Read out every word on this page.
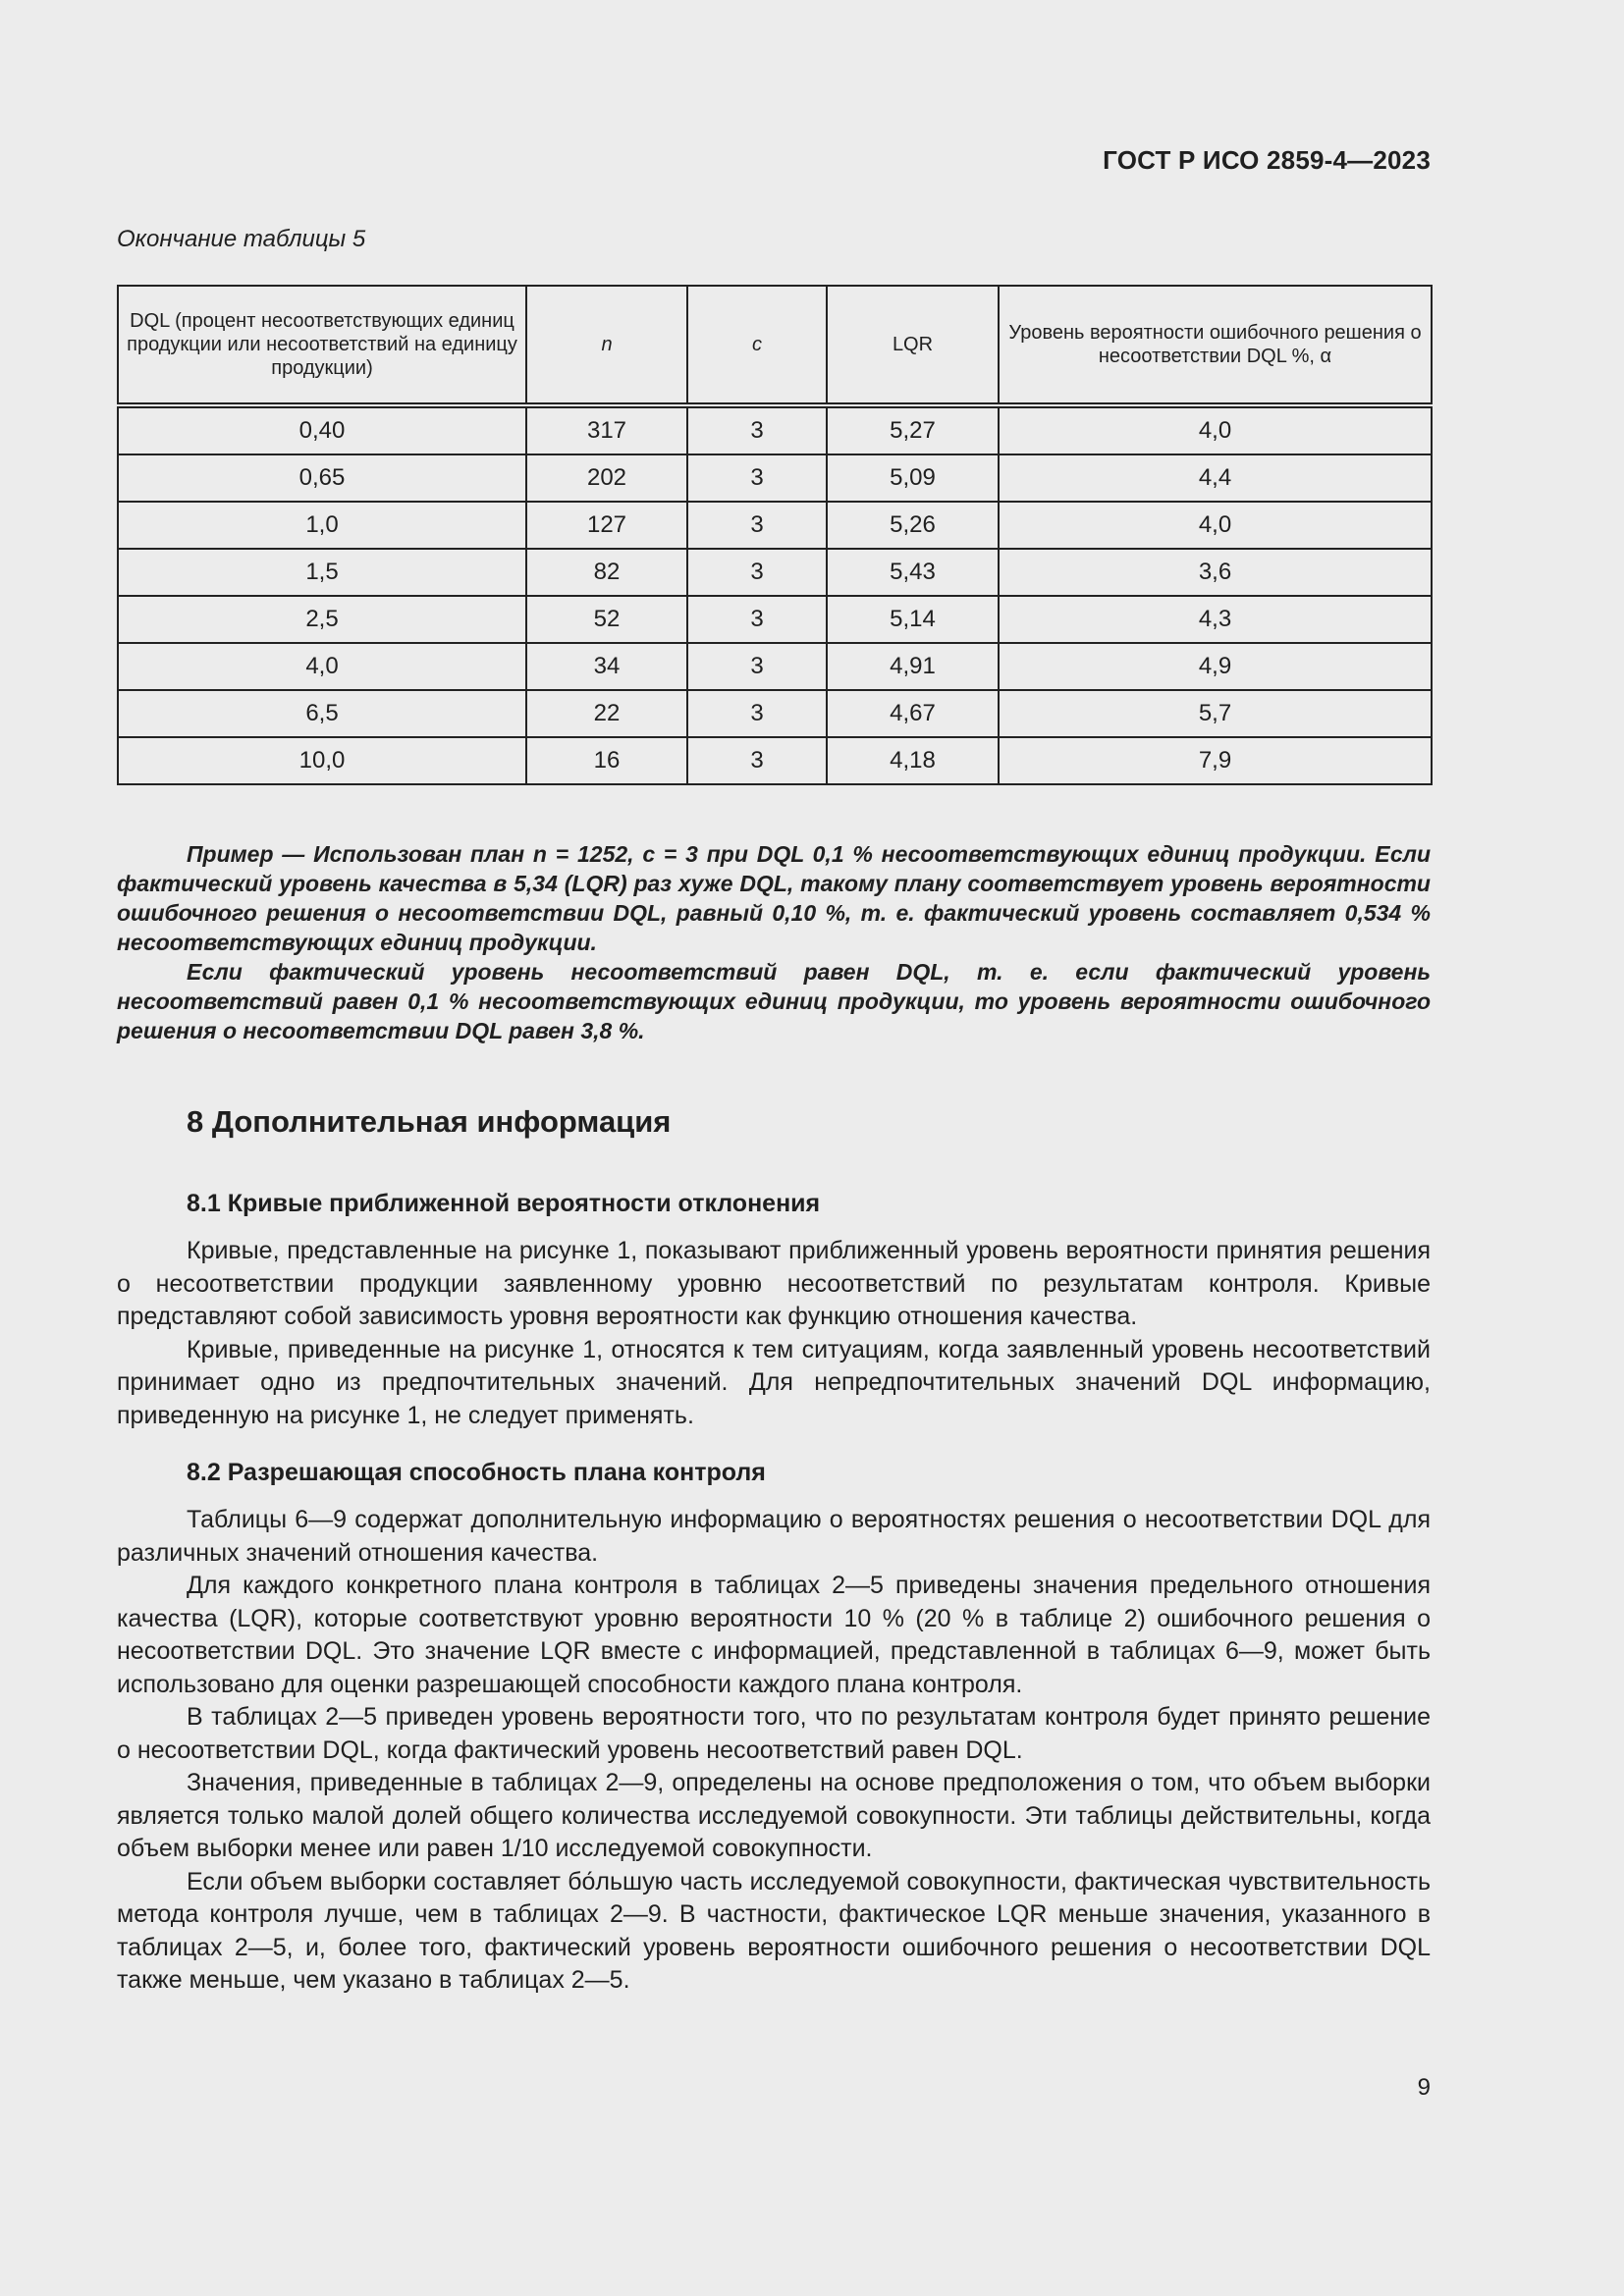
ГОСТ Р ИСО 2859-4—2023
Окончание таблицы 5
DQL (процент несоответствующих единиц продукции или несоответствий на единицу продукции)	n	c	LQR	Уровень вероятности ошибочного решения о несоответствии DQL %, α
0,40	317	3	5,27	4,0
0,65	202	3	5,09	4,4
1,0	127	3	5,26	4,0
1,5	82	3	5,43	3,6
2,5	52	3	5,14	4,3
4,0	34	3	4,91	4,9
6,5	22	3	4,67	5,7
10,0	16	3	4,18	7,9

Пример — Использован план n = 1252, c = 3 при DQL 0,1 % несоответствующих единиц продукции. Если фактический уровень качества в 5,34 (LQR) раз хуже DQL, такому плану соответствует уровень вероятности ошибочного решения о несоответствии DQL, равный 0,10 %, т. е. фактический уровень составляет 0,534 % несоответствующих единиц продукции.

Если фактический уровень несоответствий равен DQL, т. е. если фактический уровень несоответствий равен 0,1 % несоответствующих единиц продукции, то уровень вероятности ошибочного решения о несоответствии DQL равен 3,8 %.

8 Дополнительная информация
8.1 Кривые приближенной вероятности отклонения

Кривые, представленные на рисунке 1, показывают приближенный уровень вероятности принятия решения о несоответствии продукции заявленному уровню несоответствий по результатам контроля. Кривые представляют собой зависимость уровня вероятности как функцию отношения качества.

Кривые, приведенные на рисунке 1, относятся к тем ситуациям, когда заявленный уровень несоответствий принимает одно из предпочтительных значений. Для непредпочтительных значений DQL информацию, приведенную на рисунке 1, не следует применять.

8.2 Разрешающая способность плана контроля

Таблицы 6—9 содержат дополнительную информацию о вероятностях решения о несоответствии DQL для различных значений отношения качества.

Для каждого конкретного плана контроля в таблицах 2—5 приведены значения предельного отношения качества (LQR), которые соответствуют уровню вероятности 10 % (20 % в таблице 2) ошибочного решения о несоответствии DQL. Это значение LQR вместе с информацией, представленной в таблицах 6—9, может быть использовано для оценки разрешающей способности каждого плана контроля.

В таблицах 2—5 приведен уровень вероятности того, что по результатам контроля будет принято решение о несоответствии DQL, когда фактический уровень несоответствий равен DQL.

Значения, приведенные в таблицах 2—9, определены на основе предположения о том, что объем выборки является только малой долей общего количества исследуемой совокупности. Эти таблицы действительны, когда объем выборки менее или равен 1/10 исследуемой совокупности.

Если объем выборки составляет бо́льшую часть исследуемой совокупности, фактическая чувствительность метода контроля лучше, чем в таблицах 2—9. В частности, фактическое LQR меньше значения, указанного в таблицах 2—5, и, более того, фактический уровень вероятности ошибочного решения о несоответствии DQL также меньше, чем указано в таблицах 2—5.

9
